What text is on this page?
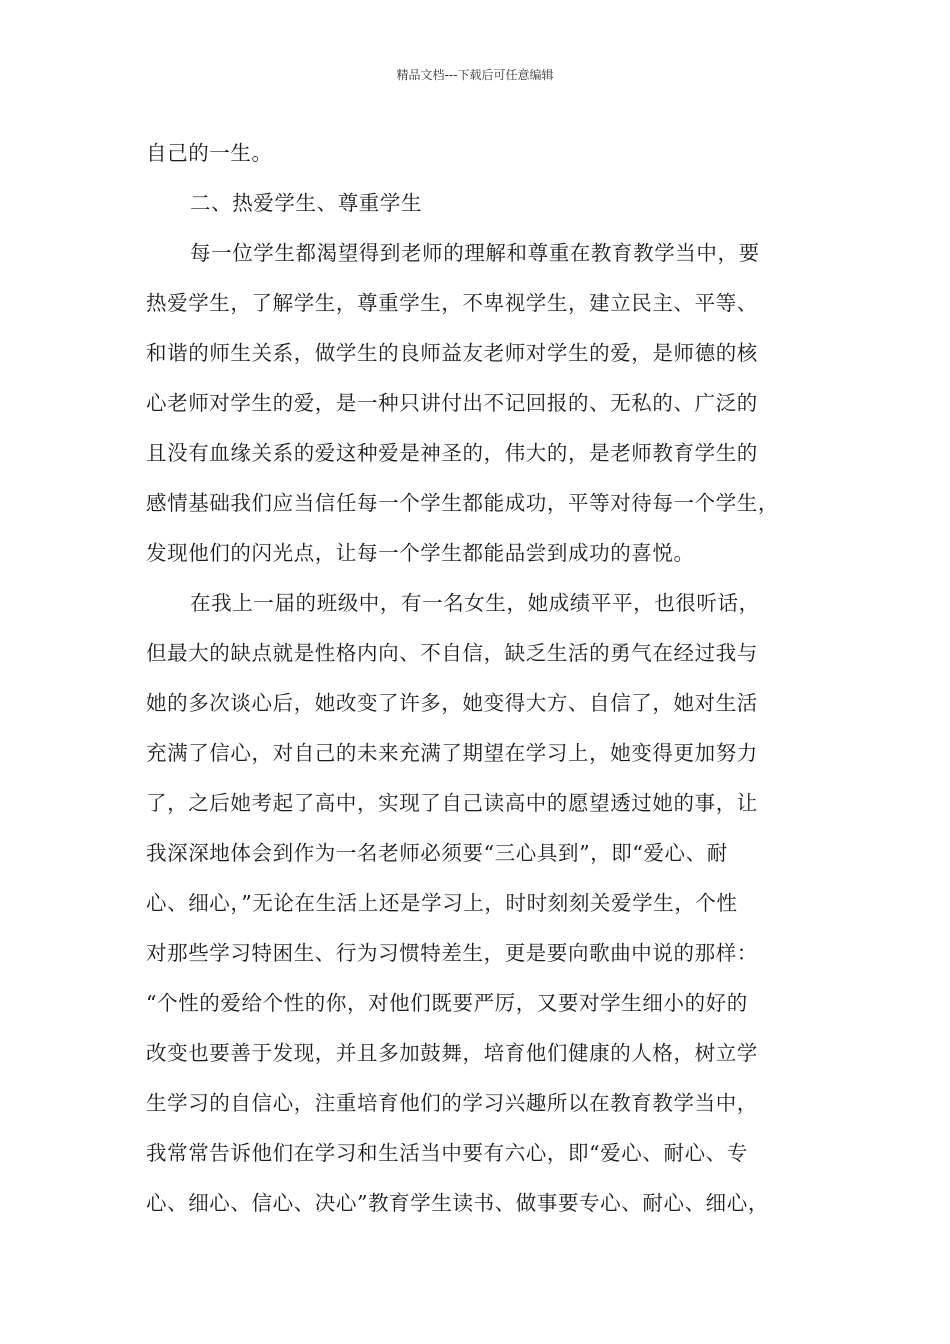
精品文档---下载后可任意编辑
自己的一生。
二、热爱学生、尊重学生
每一位学生都渴望得到老师的理解和尊重在教育教学当中，要
热爱学生，了解学生，尊重学生，不卑视学生，建立民主、平等、
和谐的师生关系，做学生的良师益友老师对学生的爱，是师德的核
心老师对学生的爱，是一种只讲付出不记回报的、无私的、广泛的
且没有血缘关系的爱这种爱是神圣的，伟大的，是老师教育学生的
感情基础我们应当信任每一个学生都能成功，平等对待每一个学生，
发现他们的闪光点，让每一个学生都能品尝到成功的喜悦。
在我上一届的班级中，有一名女生，她成绩平平，也很听话，
但最大的缺点就是性格内向、不自信，缺乏生活的勇气在经过我与
她的多次谈心后，她改变了许多，她变得大方、自信了，她对生活
充满了信心，对自己的未来充满了期望在学习上，她变得更加努力
了，之后她考起了高中，实现了自己读高中的愿望透过她的事，让
我深深地体会到作为一名老师必须要“三心具到”，即“爱心、耐
心、细心，”无论在生活上还是学习上，时时刻刻关爱学生，个性
对那些学习特困生、行为习惯特差生，更是要向歌曲中说的那样：
“个性的爱给个性的你，对他们既要严厉，又要对学生细小的好的
改变也要善于发现，并且多加鼓舞，培育他们健康的人格，树立学
生学习的自信心，注重培育他们的学习兴趣所以在教育教学当中，
我常常告诉他们在学习和生活当中要有六心，即“爱心、耐心、专
心、细心、信心、决心”教育学生读书、做事要专心、耐心、细心，
